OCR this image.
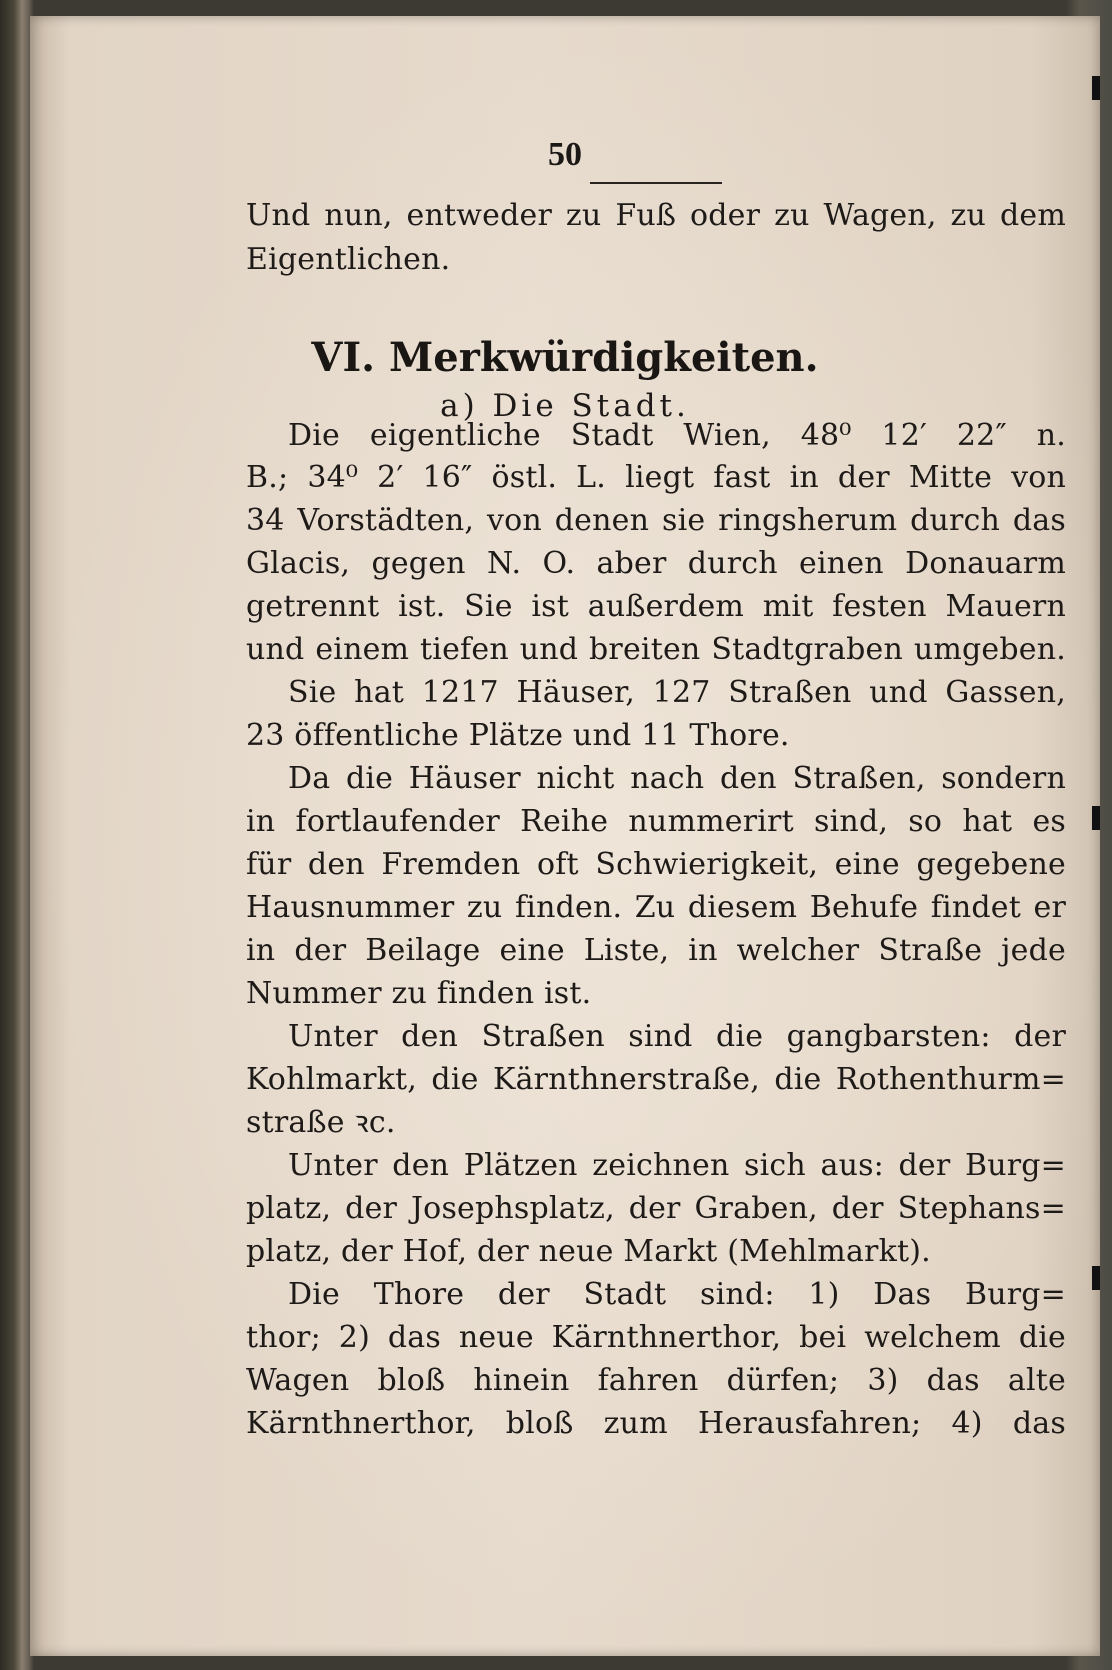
50
Und nun, entweder zu Fuß oder zu Wagen, zu dem
Eigentlichen.
VI. Merkwürdigkeiten.
a) Die Stadt.
Die eigentliche Stadt Wien, 48⁰ 12′ 22″ n.
B.; 34⁰ 2′ 16″ östl. L. liegt fast in der Mitte von
34 Vorstädten, von denen sie ringsherum durch das
Glacis, gegen N. O. aber durch einen Donauarm
getrennt ist. Sie ist außerdem mit festen Mauern
und einem tiefen und breiten Stadtgraben umgeben.
Sie hat 1217 Häuser, 127 Straßen und Gassen,
23 öffentliche Plätze und 11 Thore.
Da die Häuser nicht nach den Straßen, sondern
in fortlaufender Reihe nummerirt sind, so hat es
für den Fremden oft Schwierigkeit, eine gegebene
Hausnummer zu finden. Zu diesem Behufe findet er
in der Beilage eine Liste, in welcher Straße jede
Nummer zu finden ist.
Unter den Straßen sind die gangbarsten: der
Kohlmarkt, die Kärnthnerstraße, die Rothenthurm=
straße ꝛc.
Unter den Plätzen zeichnen sich aus: der Burg=
platz, der Josephsplatz, der Graben, der Stephans=
platz, der Hof, der neue Markt (Mehlmarkt).
Die Thore der Stadt sind: 1) Das Burg=
thor; 2) das neue Kärnthnerthor, bei welchem die
Wagen bloß hinein fahren dürfen; 3) das alte
Kärnthnerthor, bloß zum Herausfahren; 4) das
